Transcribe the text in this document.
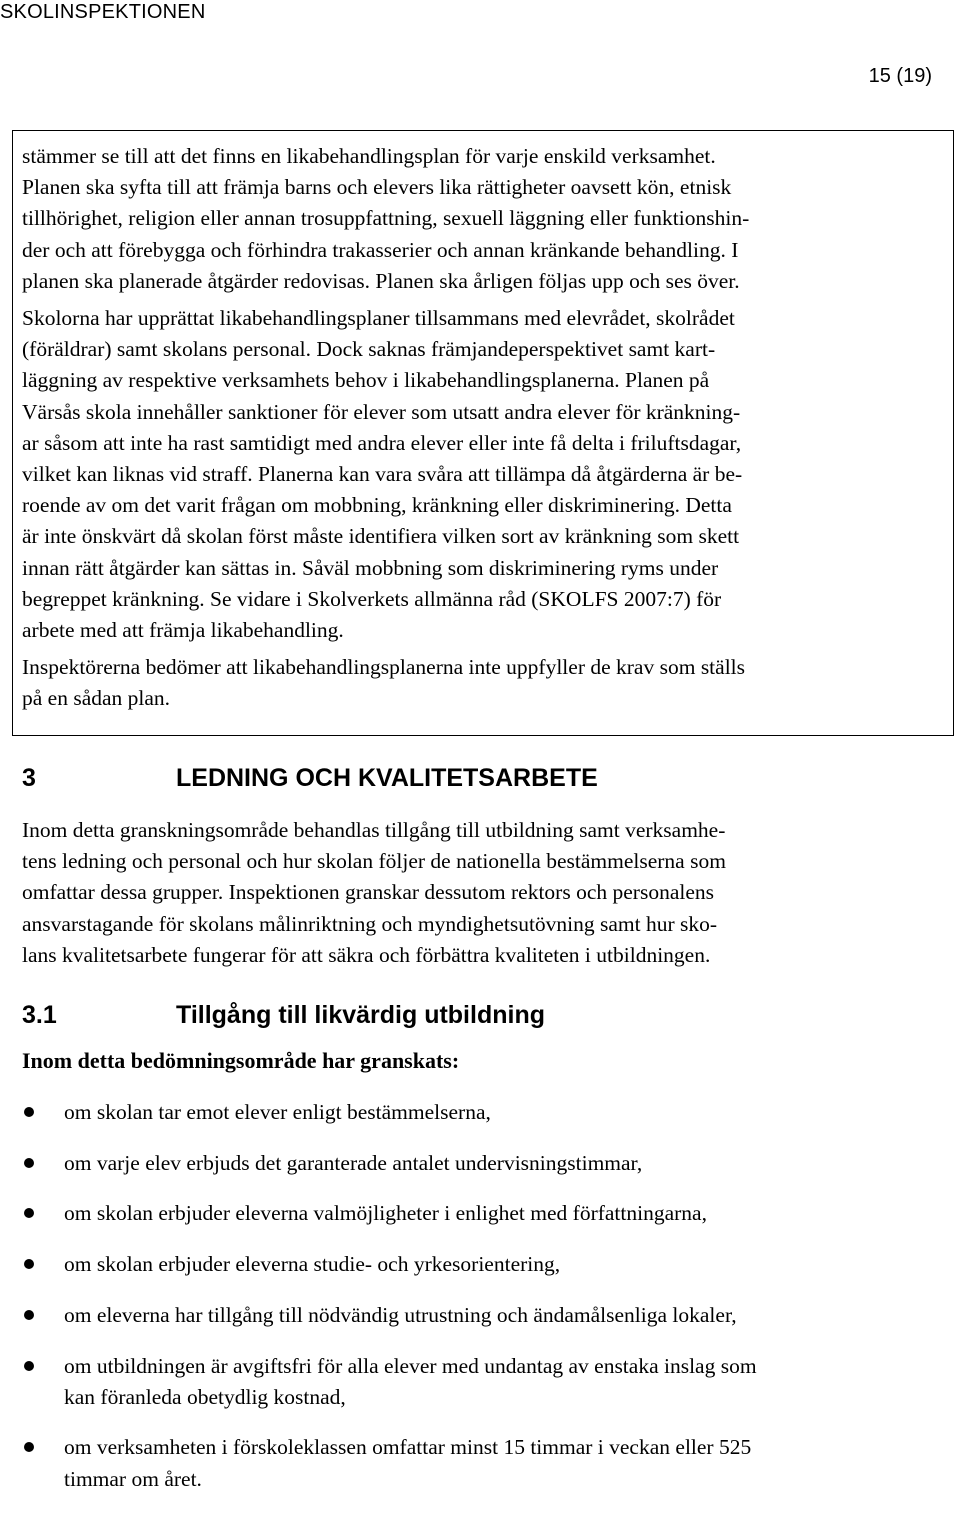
SKOLINSPEKTIONEN
15 (19)

stämmer se till att det finns en likabehandlingsplan för varje enskild verksamhet.

Planen ska syfta till att främja barns och elevers lika rättigheter oavsett kön, etnisk

tillhörighet, religion eller annan trosuppfattning, sexuell läggning eller funktionshin-

der och att förebygga och förhindra trakasserier och annan kränkande behandling. I

planen ska planerade åtgärder redovisas. Planen ska årligen följas upp och ses över.

Skolorna har upprättat likabehandlingsplaner tillsammans med elevrådet, skolrådet

(föräldrar) samt skolans personal. Dock saknas främjandeperspektivet samt kart-

läggning av respektive verksamhets behov i likabehandlingsplanerna. Planen på

Värsås skola innehåller sanktioner för elever som utsatt andra elever för kränkning-

ar såsom att inte ha rast samtidigt med andra elever eller inte få delta i friluftsdagar,

vilket kan liknas vid straff. Planerna kan vara svåra att tillämpa då åtgärderna är be-

roende av om det varit frågan om mobbning, kränkning eller diskriminering. Detta

är inte önskvärt då skolan först måste identifiera vilken sort av kränkning som skett

innan rätt åtgärder kan sättas in. Såväl mobbning som diskriminering ryms under

begreppet kränkning. Se vidare i Skolverkets allmänna råd (SKOLFS 2007:7) för

arbete med att främja likabehandling.

Inspektörerna bedömer att likabehandlingsplanerna inte uppfyller de krav som ställs

på en sådan plan.

3	LEDNING OCH KVALITETSARBETE

Inom detta granskningsområde behandlas tillgång till utbildning samt verksamhe-

tens ledning och personal och hur skolan följer de nationella bestämmelserna som

omfattar dessa grupper. Inspektionen granskar dessutom rektors och personalens

ansvarstagande för skolans målinriktning och myndighetsutövning samt hur sko-

lans kvalitetsarbete fungerar för att säkra och förbättra kvaliteten i utbildningen.

3.1	Tillgång till likvärdig utbildning
Inom detta bedömningsområde har granskats:

om skolan tar emot elever enligt bestämmelserna,

om varje elev erbjuds det garanterade antalet undervisningstimmar,

om skolan erbjuder eleverna valmöjligheter i enlighet med författningarna,

om skolan erbjuder eleverna studie- och yrkesorientering,

om eleverna har tillgång till nödvändig utrustning och ändamålsenliga lokaler,

om utbildningen är avgiftsfri för alla elever med undantag av enstaka inslag som

kan föranleda obetydlig kostnad,

om verksamheten i förskoleklassen omfattar minst 15 timmar i veckan eller 525

timmar om året.
